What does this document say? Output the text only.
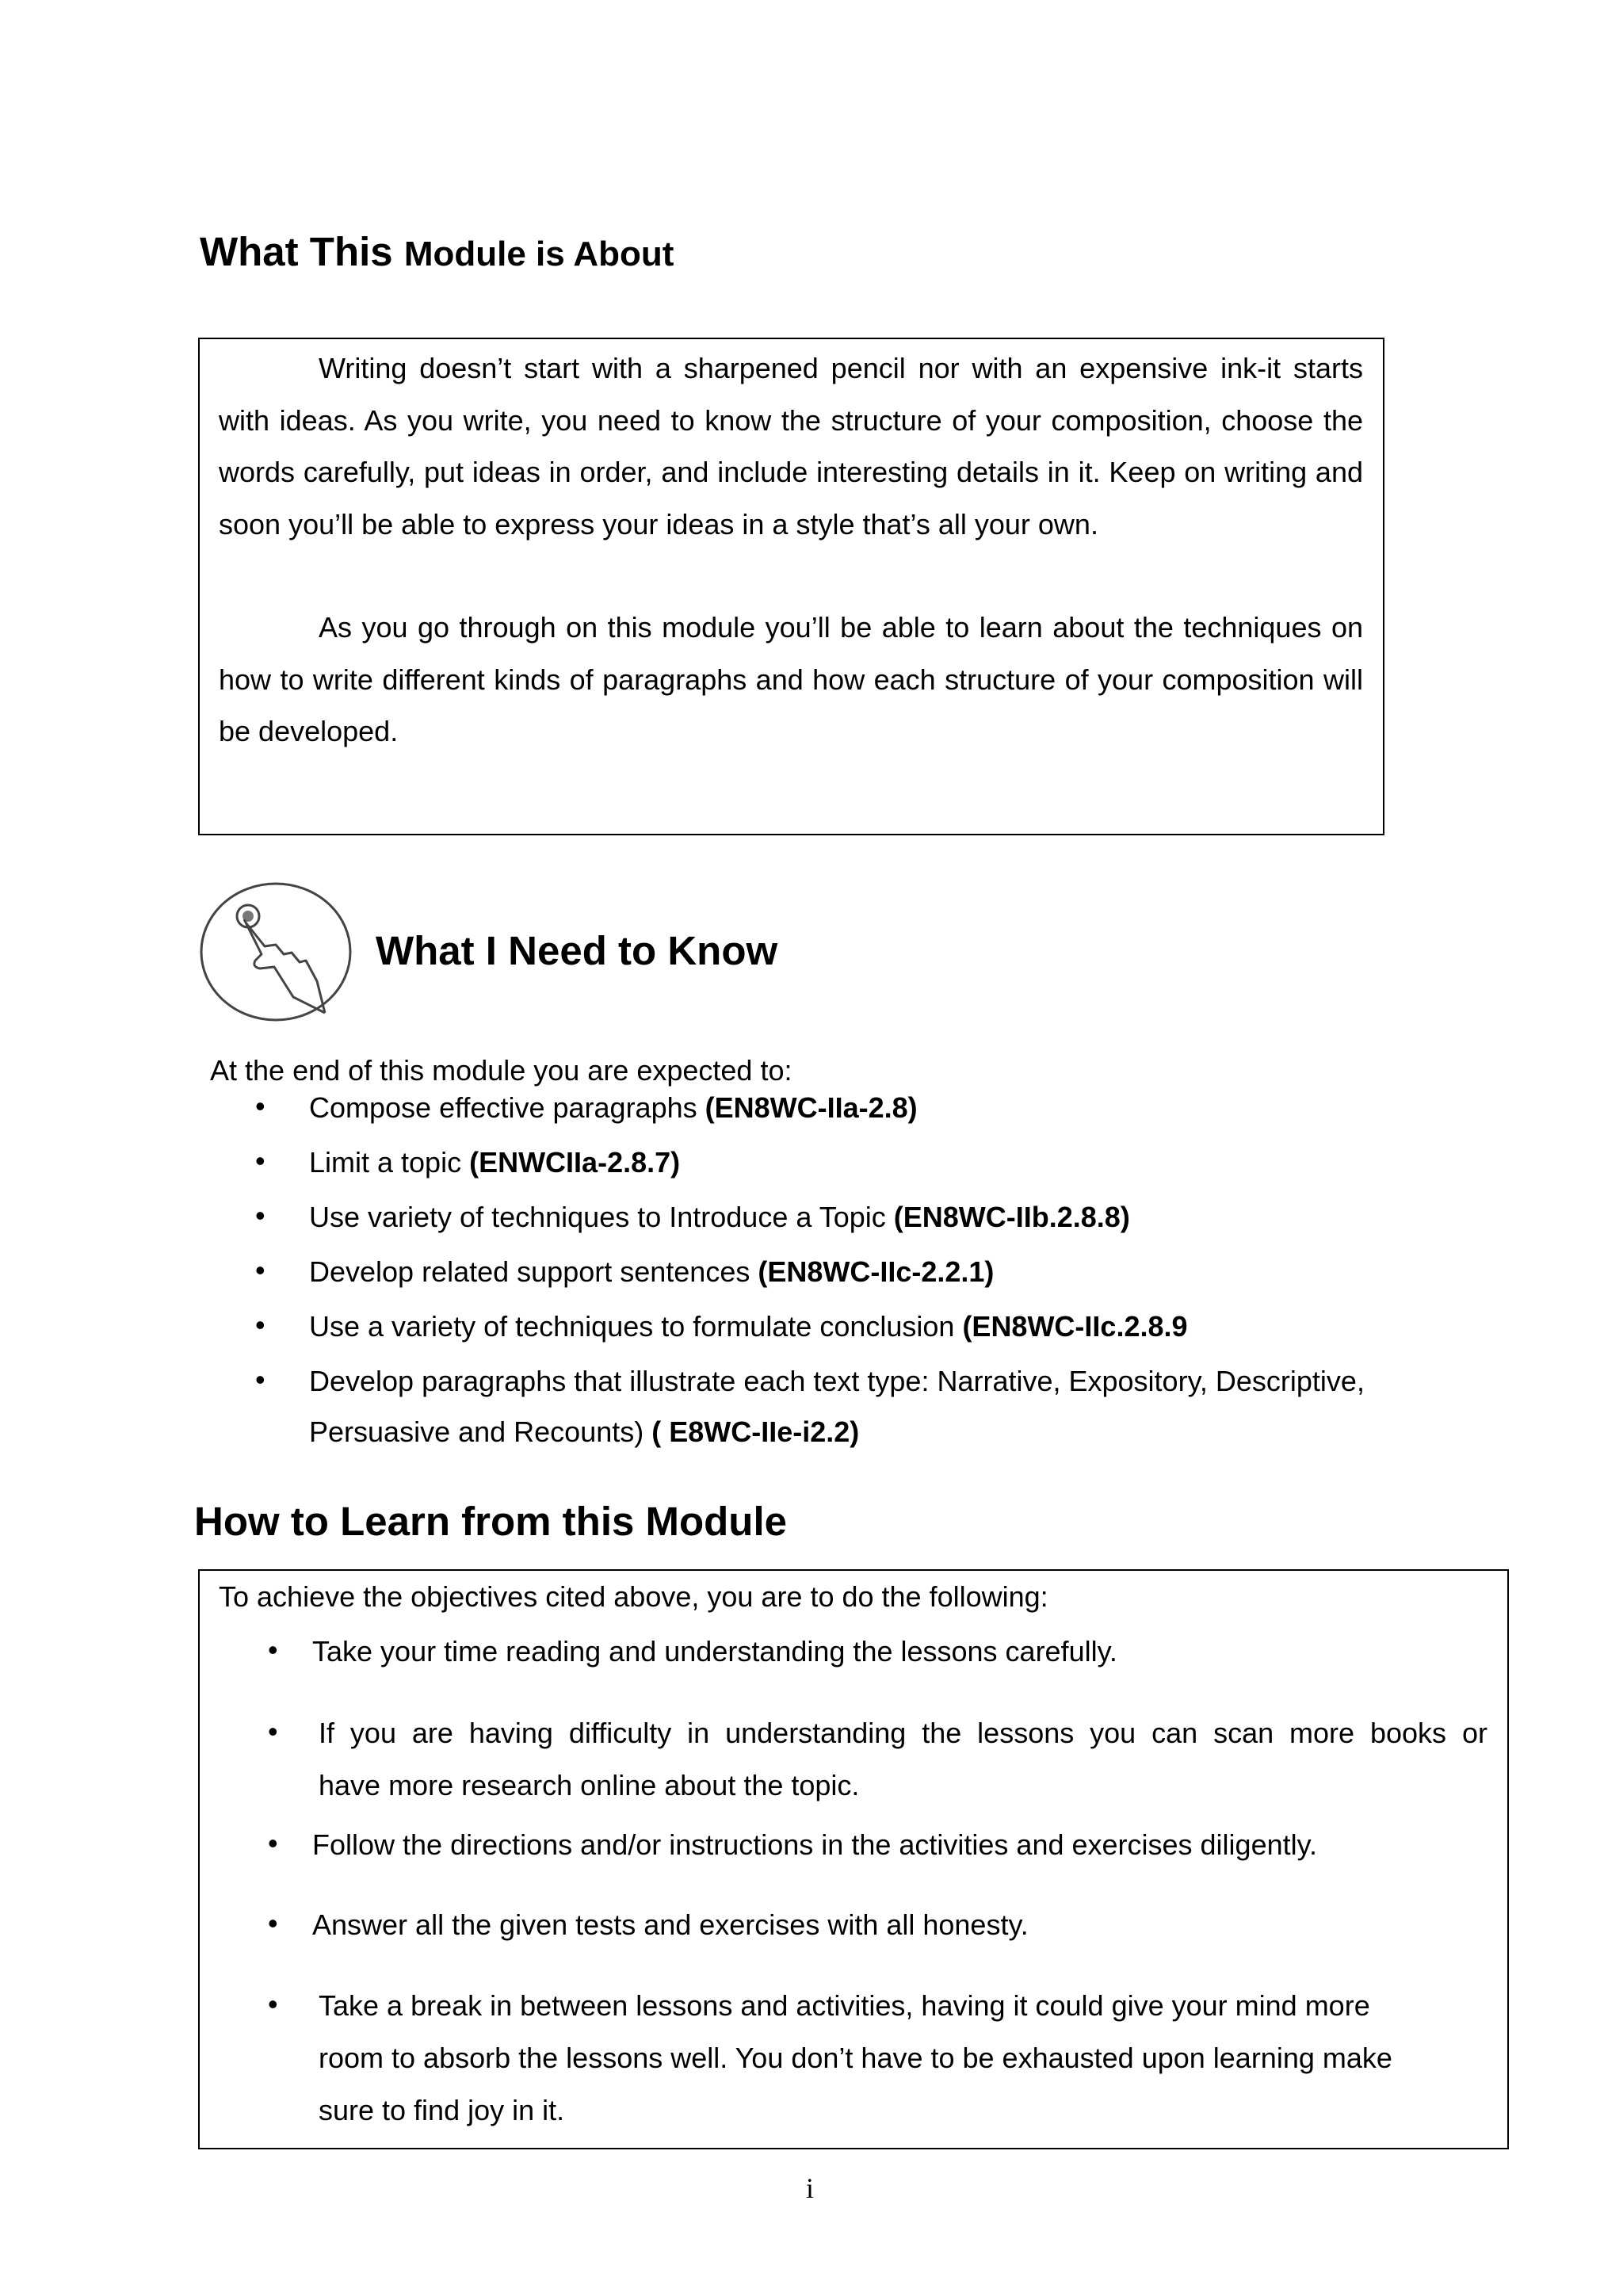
What This Module is About

Writing doesn’t start with a sharpened pencil nor with an expensive ink-it starts with ideas. As you write, you need to know the structure of your composition, choose the words carefully, put ideas in order, and include interesting details in it. Keep on writing and soon you’ll be able to express your ideas in a style that’s all your own.

As you go through on this module you’ll be able to learn about the techniques on how to write different kinds of paragraphs and how each structure of your composition will be developed.

What I Need to Know
At the end of this module you are expected to:
• Compose effective paragraphs (EN8WC-IIa-2.8)
• Limit a topic (ENWCIIa-2.8.7)
• Use variety of techniques to Introduce a Topic (EN8WC-IIb.2.8.8)
• Develop related support sentences (EN8WC-IIc-2.2.1)
• Use a variety of techniques to formulate conclusion (EN8WC-IIc.2.8.9
• Develop paragraphs that illustrate each text type: Narrative, Expository, Descriptive,
Persuasive and Recounts) ( E8WC-IIe-i2.2)
How to Learn from this Module
To achieve the objectives cited above, you are to do the following:
• Take your time reading and understanding the lessons carefully.
• If you are having difficulty in understanding the lessons you can scan more books or
have more research online about the topic.
• Follow the directions and/or instructions in the activities and exercises diligently.
• Answer all the given tests and exercises with all honesty.
• Take a break in between lessons and activities, having it could give your mind more
room to absorb the lessons well. You don’t have to be exhausted upon learning make
sure to find joy in it.
i
